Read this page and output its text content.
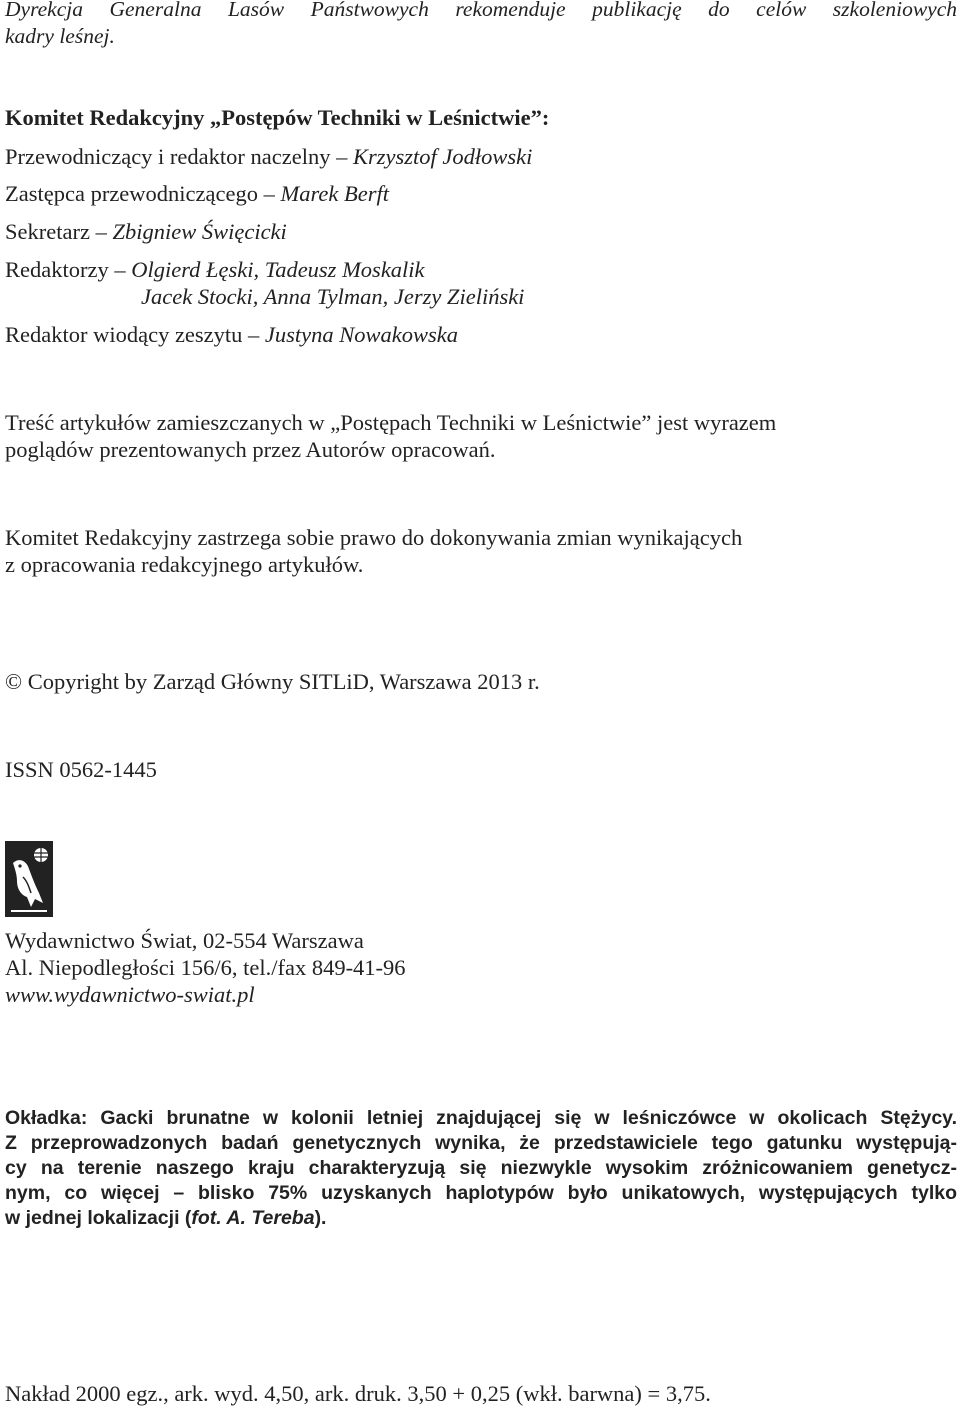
Dyrekcja Generalna Lasów Państwowych rekomenduje publikację do celów szkoleniowych
kadry leśnej.
Komitet Redakcyjny „Postępów Techniki w Leśnictwie”:
Przewodniczący i redaktor naczelny – Krzysztof Jodłowski
Zastępca przewodniczącego – Marek Berft
Sekretarz – Zbigniew Święcicki
Redaktorzy – Olgierd Łęski, Tadeusz Moskalik
Jacek Stocki, Anna Tylman, Jerzy Zieliński
Redaktor wiodący zeszytu – Justyna Nowakowska
Treść artykułów zamieszczanych w „Postępach Techniki w Leśnictwie” jest wyrazem
poglądów prezentowanych przez Autorów opracowań.
Komitet Redakcyjny zastrzega sobie prawo do dokonywania zmian wynikających
z opracowania redakcyjnego artykułów.
© Copyright by Zarząd Główny SITLiD, Warszawa 2013 r.
ISSN 0562-1445
Wydawnictwo Świat, 02-554 Warszawa
Al. Niepodległości 156/6, tel./fax 849-41-96
www.wydawnictwo-swiat.pl
Okładka: Gacki brunatne w kolonii letniej znajdującej się w leśniczówce w okolicach Stężycy.
Z przeprowadzonych badań genetycznych wynika, że przedstawiciele tego gatunku występują-
cy na terenie naszego kraju charakteryzują się niezwykle wysokim zróżnicowaniem genetycz-
nym, co więcej – blisko 75% uzyskanych haplotypów było unikatowych, występujących tylko
w jednej lokalizacji (fot. A. Tereba).
Nakład 2000 egz., ark. wyd. 4,50, ark. druk. 3,50 + 0,25 (wkł. barwna) = 3,75.
